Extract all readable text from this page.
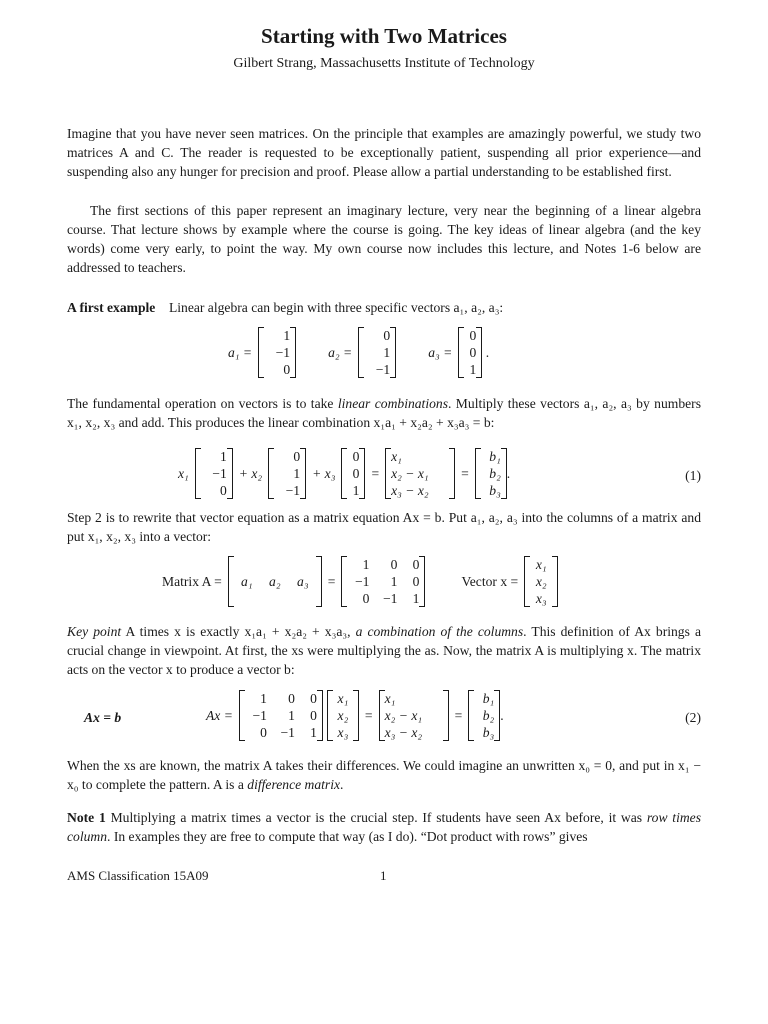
Starting with Two Matrices
Gilbert Strang, Massachusetts Institute of Technology

Imagine that you have never seen matrices. On the principle that examples are amazingly powerful, we study two matrices A and C. The reader is requested to be exceptionally patient, suspending all prior experience—and suspending also any hunger for precision and proof. Please allow a partial understanding to be established first.

The first sections of this paper represent an imaginary lecture, very near the beginning of a linear algebra course. That lecture shows by example where the course is going. The key ideas of linear algebra (and the key words) come very early, to point the way. My own course now includes this lecture, and Notes 1-6 below are addressed to teachers.

A first example Linear algebra can begin with three specific vectors a₁, a₂, a₃:

a₁ =
1
−1
0
a₂ =
0
1
−1
a₃ =
0
0
1
.

The fundamental operation on vectors is to take linear combinations. Multiply these vectors a₁, a₂, a₃ by numbers x₁, x₂, x₃ and add. This produces the linear combination x₁a₁ + x₂a₂ + x₃a₃ = b:

x₁
1
−1
0
+ x₂
0
1
−1
+ x₃
0
0
1
=
x₁
x₂ − x₁
x₃ − x₂
=
b₁
b₂
b₃
.	(1)

Step 2 is to rewrite that vector equation as a matrix equation Ax = b. Put a₁, a₂, a₃ into the columns of a matrix and put x₁, x₂, x₃ into a vector:

Matrix A =	a₁ a₂ a₃	=
1	0	0
−1	1	0
0 −1	1
Vector x =
x₁
x₂
x₃

Key point A times x is exactly x₁a₁ + x₂a₂ + x₃a₃, a combination of the columns. This definition of Ax brings a crucial change in viewpoint. At first, the xs were multiplying the as. Now, the matrix A is multiplying x. The matrix acts on the vector x to produce a vector b:

Ax = b	Ax =
1	0	0
−1	1	0
0 −1	1
x₁
x₂
x₃
=
x₁
x₂ − x₁
x₃ − x₂
=
b₁
b₂
b₃
.	(2)

When the xs are known, the matrix A takes their differences. We could imagine an unwritten x₀ = 0, and put in x₁ − x₀ to complete the pattern. A is a difference matrix.

Note 1 Multiplying a matrix times a vector is the crucial step. If students have seen Ax before, it was row times column. In examples they are free to compute that way (as I do). “Dot product with rows” gives

AMS Classification 15A09	1
